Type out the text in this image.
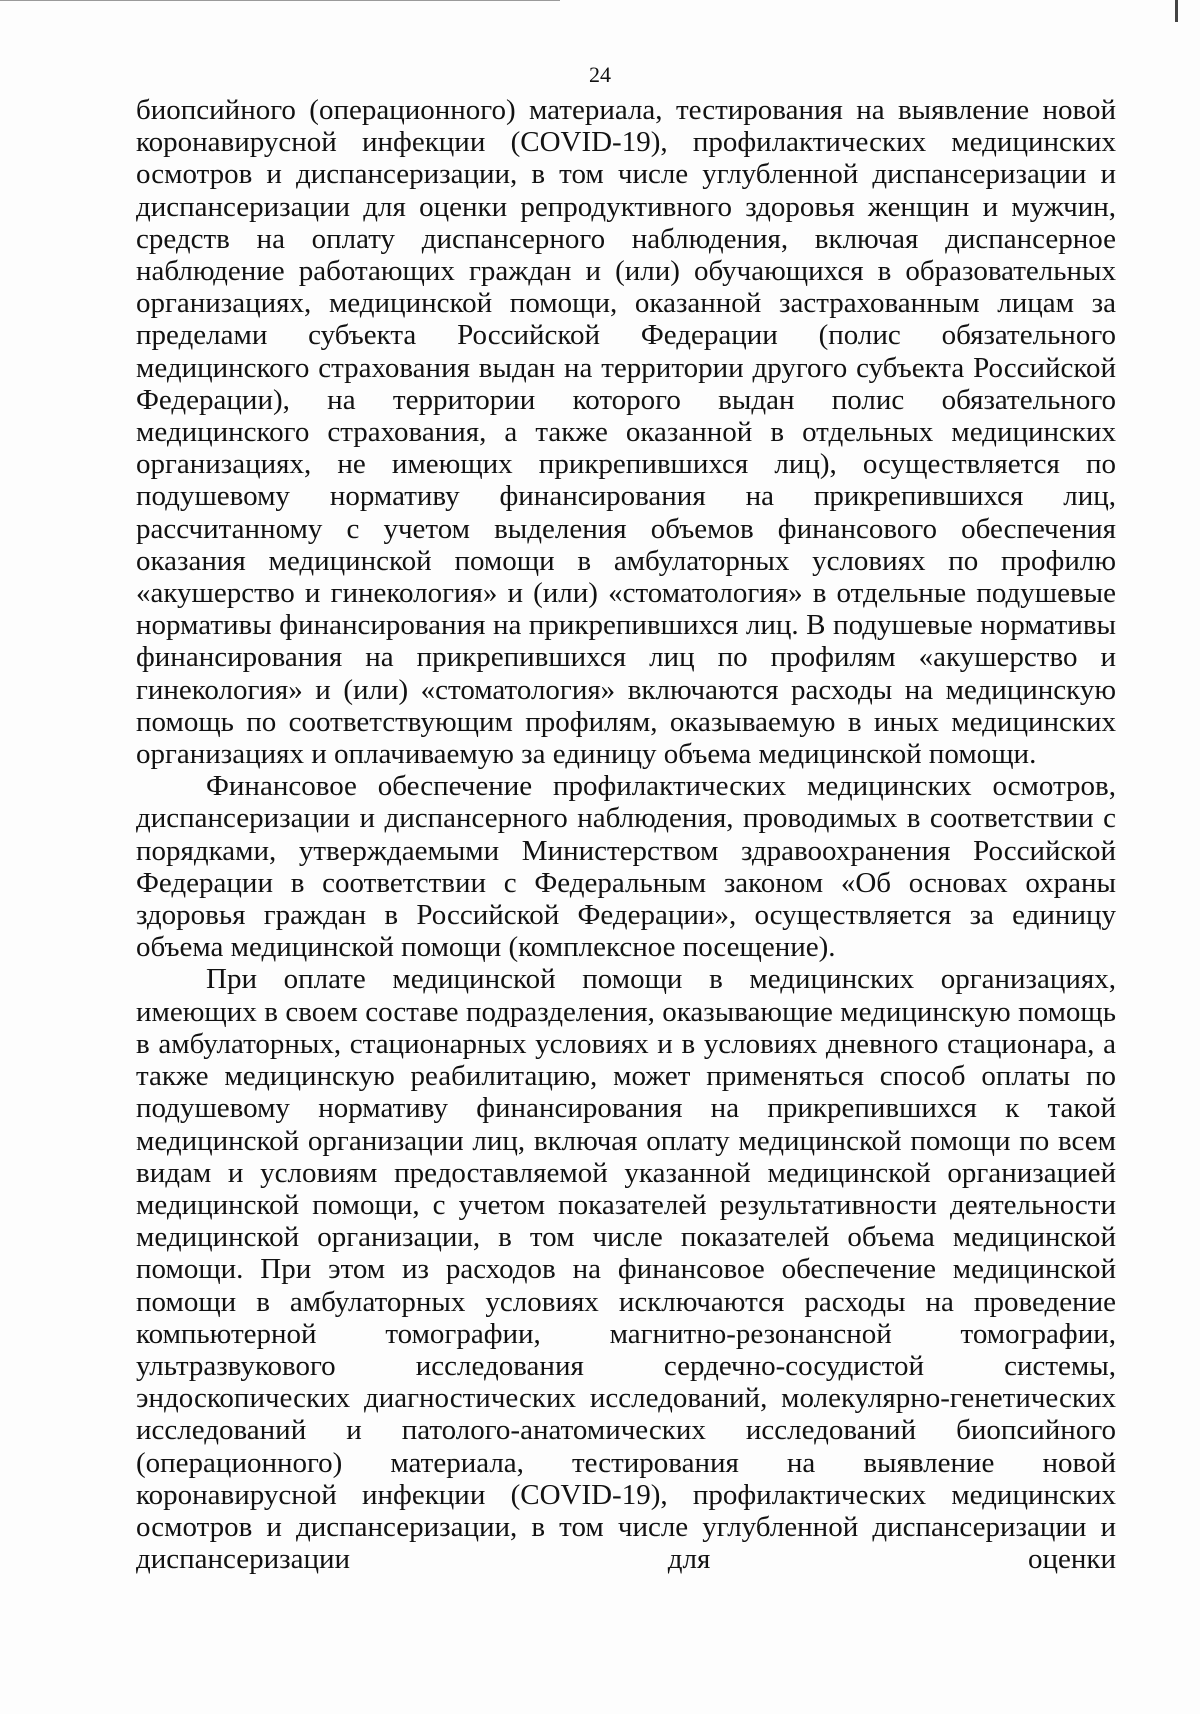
24

биопсийного (операционного) материала, тестирования на выявление новой коронавирусной инфекции (COVID-19), профилактических медицинских осмотров и диспансеризации, в том числе углубленной диспансеризации и диспансеризации для оценки репродуктивного здоровья женщин и мужчин, средств на оплату диспансерного наблюдения, включая диспансерное наблюдение работающих граждан и (или) обучающихся в образовательных организациях, медицинской помощи, оказанной застрахованным лицам за пределами субъекта Российской Федерации (полис обязательного медицинского страхования выдан на территории другого субъекта Российской Федерации), на территории которого выдан полис обязательного медицинского страхования, а также оказанной в отдельных медицинских организациях, не имеющих прикрепившихся лиц), осуществляется по подушевому нормативу финансирования на прикрепившихся лиц, рассчитанному с учетом выделения объемов финансового обеспечения оказания медицинской помощи в амбулаторных условиях по профилю «акушерство и гинекология» и (или) «стоматология» в отдельные подушевые нормативы финансирования на прикрепившихся лиц. В подушевые нормативы финансирования на прикрепившихся лиц по профилям «акушерство и гинекология» и (или) «стоматология» включаются расходы на медицинскую помощь по соответствующим профилям, оказываемую в иных медицинских организациях и оплачиваемую за единицу объема медицинской помощи.

Финансовое обеспечение профилактических медицинских осмотров, диспансеризации и диспансерного наблюдения, проводимых в соответствии с порядками, утверждаемыми Министерством здравоохранения Российской Федерации в соответствии с Федеральным законом «Об основах охраны здоровья граждан в Российской Федерации», осуществляется за единицу объема медицинской помощи (комплексное посещение).

При оплате медицинской помощи в медицинских организациях, имеющих в своем составе подразделения, оказывающие медицинскую помощь в амбулаторных, стационарных условиях и в условиях дневного стационара, а также медицинскую реабилитацию, может применяться способ оплаты по подушевому нормативу финансирования на прикрепившихся к такой медицинской организации лиц, включая оплату медицинской помощи по всем видам и условиям предоставляемой указанной медицинской организацией медицинской помощи, с учетом показателей результативности деятельности медицинской организации, в том числе показателей объема медицинской помощи. При этом из расходов на финансовое обеспечение медицинской помощи в амбулаторных условиях исключаются расходы на проведение компьютерной томографии, магнитно-резонансной томографии, ультразвукового исследования сердечно-сосудистой системы, эндоскопических диагностических исследований, молекулярно-генетических исследований и патолого-анатомических исследований биопсийного (операционного) материала, тестирования на выявление новой коронавирусной инфекции (COVID-19), профилактических медицинских осмотров и диспансеризации, в том числе углубленной диспансеризации и диспансеризации для оценки
